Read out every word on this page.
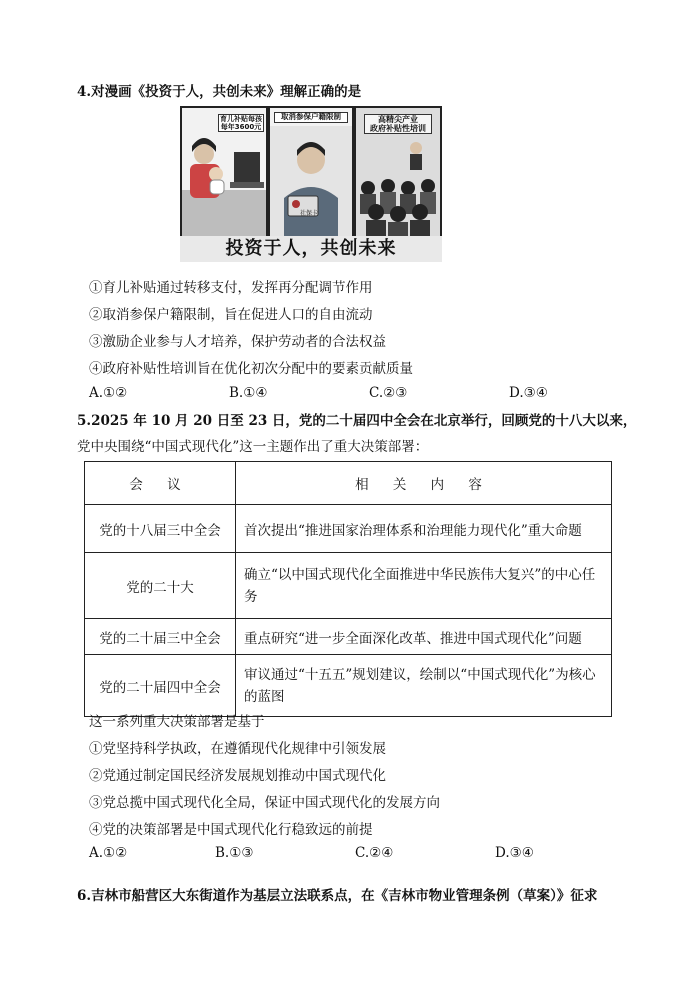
4.对漫画《投资于人，共创未来》理解正确的是
育儿补贴每孩
每年3600元
取消参保户籍限制
社保卡
高精尖产业
政府补贴性培训
投资于人，共创未来
①育儿补贴通过转移支付，发挥再分配调节作用
②取消参保户籍限制，旨在促进人口的自由流动
③激励企业参与人才培养，保护劳动者的合法权益
④政府补贴性培训旨在优化初次分配中的要素贡献质量
A.①②	B.①④	C.②③	D.③④
5.2025 年 10 月 20 日至 23 日，党的二十届四中全会在北京举行，回顾党的十八大以来，
党中央围绕“中国式现代化”这一主题作出了重大决策部署：
会 议	相 关 内 容
党的十八届三中全会	首次提出“推进国家治理体系和治理能力现代化”重大命题
党的二十大	确立“以中国式现代化全面推进中华民族伟大复兴”的中心任务
党的二十届三中全会	重点研究“进一步全面深化改革、推进中国式现代化”问题
党的二十届四中全会	审议通过“十五五”规划建议，绘制以“中国式现代化”为核心的蓝图
这一系列重大决策部署是基于
①党坚持科学执政，在遵循现代化规律中引领发展
②党通过制定国民经济发展规划推动中国式现代化
③党总揽中国式现代化全局，保证中国式现代化的发展方向
④党的决策部署是中国式现代化行稳致远的前提
A.①②	B.①③	C.②④	D.③④
6.吉林市船营区大东街道作为基层立法联系点，在《吉林市物业管理条例（草案）》征求
